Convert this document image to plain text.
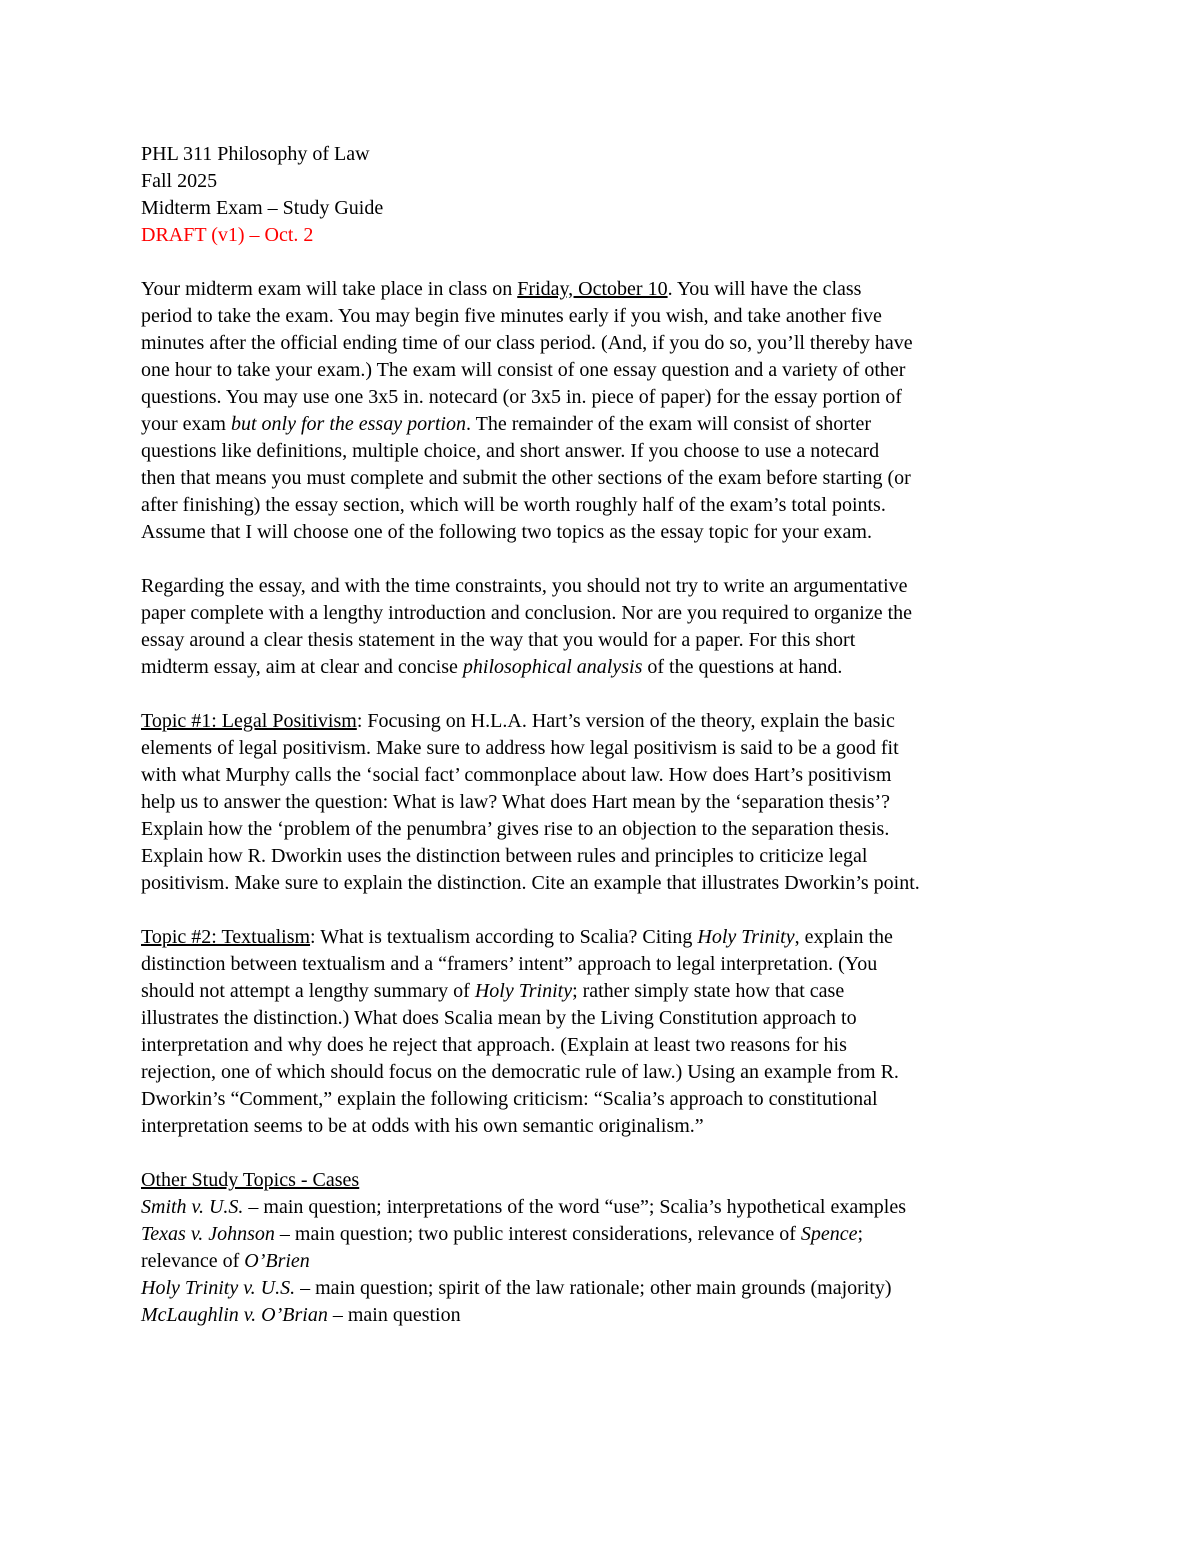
PHL 311 Philosophy of Law
Fall 2025
Midterm Exam – Study Guide
DRAFT (v1) – Oct. 2
Your midterm exam will take place in class on Friday, October 10. You will have the class
period to take the exam. You may begin five minutes early if you wish, and take another five
minutes after the official ending time of our class period. (And, if you do so, you’ll thereby have
one hour to take your exam.) The exam will consist of one essay question and a variety of other
questions. You may use one 3x5 in. notecard (or 3x5 in. piece of paper) for the essay portion of
your exam but only for the essay portion. The remainder of the exam will consist of shorter
questions like definitions, multiple choice, and short answer. If you choose to use a notecard
then that means you must complete and submit the other sections of the exam before starting (or
after finishing) the essay section, which will be worth roughly half of the exam’s total points.
Assume that I will choose one of the following two topics as the essay topic for your exam.
Regarding the essay, and with the time constraints, you should not try to write an argumentative
paper complete with a lengthy introduction and conclusion. Nor are you required to organize the
essay around a clear thesis statement in the way that you would for a paper. For this short
midterm essay, aim at clear and concise philosophical analysis of the questions at hand.
Topic #1: Legal Positivism: Focusing on H.L.A. Hart’s version of the theory, explain the basic
elements of legal positivism. Make sure to address how legal positivism is said to be a good fit
with what Murphy calls the ‘social fact’ commonplace about law. How does Hart’s positivism
help us to answer the question: What is law? What does Hart mean by the ‘separation thesis’?
Explain how the ‘problem of the penumbra’ gives rise to an objection to the separation thesis.
Explain how R. Dworkin uses the distinction between rules and principles to criticize legal
positivism. Make sure to explain the distinction. Cite an example that illustrates Dworkin’s point.
Topic #2: Textualism: What is textualism according to Scalia? Citing Holy Trinity, explain the
distinction between textualism and a “framers’ intent” approach to legal interpretation. (You
should not attempt a lengthy summary of Holy Trinity; rather simply state how that case
illustrates the distinction.) What does Scalia mean by the Living Constitution approach to
interpretation and why does he reject that approach. (Explain at least two reasons for his
rejection, one of which should focus on the democratic rule of law.) Using an example from R.
Dworkin’s “Comment,” explain the following criticism: “Scalia’s approach to constitutional
interpretation seems to be at odds with his own semantic originalism.”
Other Study Topics - Cases
Smith v. U.S. – main question; interpretations of the word “use”; Scalia’s hypothetical examples
Texas v. Johnson – main question; two public interest considerations, relevance of Spence;
relevance of O’Brien
Holy Trinity v. U.S. – main question; spirit of the law rationale; other main grounds (majority)
McLaughlin v. O’Brian – main question
